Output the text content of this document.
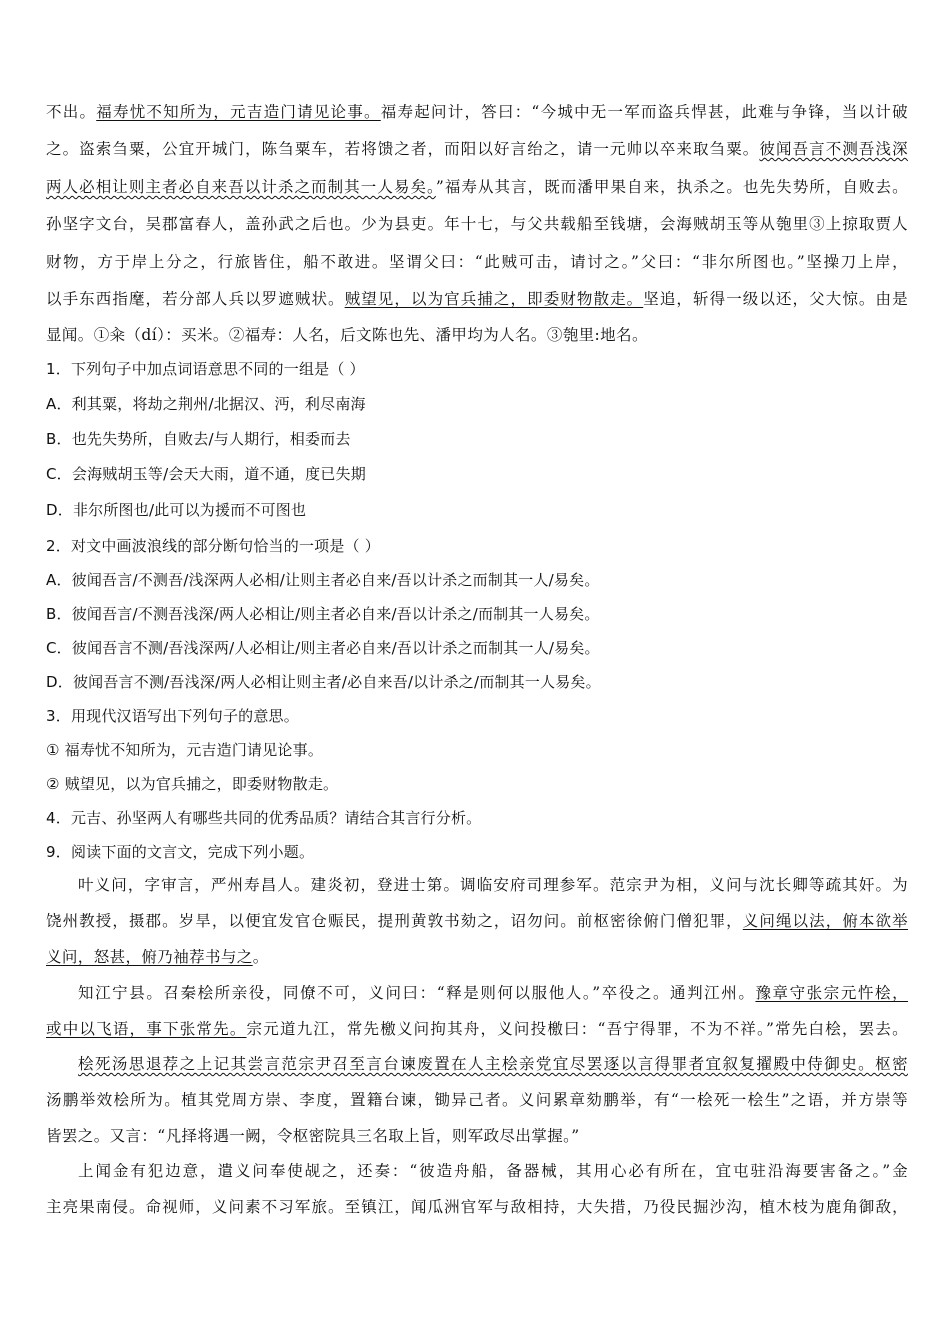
不出。福寿忧不知所为，元吉造门请见论事。福寿起问计，答曰：“今城中无一军而盗兵悍甚，此难与争锋，当以计破
之。盗索刍粟，公宜开城门，陈刍粟车，若将馈之者，而阳以好言绐之，请一元帅以卒来取刍粟。彼闻吾言不测吾浅深
两人必相让则主者必自来吾以计杀之而制其一人易矣。”福寿从其言，既而潘甲果自来，执杀之。也先失势所，自败去。
孙坚字文台，吴郡富春人，盖孙武之后也。少为县吏。年十七，与父共载船至钱塘，会海贼胡玉等从匏里③上掠取贾人
财物，方于岸上分之，行旅皆住，船不敢进。坚谓父曰：“此贼可击，请讨之。”父曰：“非尔所图也。”坚操刀上岸，
以手东西指麾，若分部人兵以罗遮贼状。贼望见，以为官兵捕之，即委财物散走。坚追，斩得一级以还，父大惊。由是
显闻。①籴（dí）：买米。②福寿：人名，后文陈也先、潘甲均为人名。③匏里:地名。
1．下列句子中加点词语意思不同的一组是（ ）
A．利其粟，将劫之荆州/北据汉、沔，利尽南海
B．也先失势所，自败去/与人期行，相委而去
C．会海贼胡玉等/会天大雨，道不通，度已失期
D．非尔所图也/此可以为援而不可图也
2．对文中画波浪线的部分断句恰当的一项是（ ）
A．彼闻吾言/不测吾/浅深两人必相/让则主者必自来/吾以计杀之而制其一人/易矣。
B．彼闻吾言/不测吾浅深/两人必相让/则主者必自来/吾以计杀之/而制其一人易矣。
C．彼闻吾言不测/吾浅深两/人必相让/则主者必自来/吾以计杀之而制其一人/易矣。
D．彼闻吾言不测/吾浅深/两人必相让则主者/必自来吾/以计杀之/而制其一人易矣。
3．用现代汉语写出下列句子的意思。
① 福寿忧不知所为，元吉造门请见论事。
② 贼望见，以为官兵捕之，即委财物散走。
4．元吉、孙坚两人有哪些共同的优秀品质？请结合其言行分析。
9．阅读下面的文言文，完成下列小题。
叶义问，字审言，严州寿昌人。建炎初，登进士第。调临安府司理参军。范宗尹为相，义问与沈长卿等疏其奸。为
饶州教授，摄郡。岁旱，以便宜发官仓赈民，提刑黄敦书劾之，诏勿问。前枢密徐俯门僧犯罪，义问绳以法，俯本欲举
义问，怒甚，俯乃袖荐书与之。
知江宁县。召秦桧所亲役，同僚不可，义问曰：“释是则何以服他人。”卒役之。通判江州。豫章守张宗元忤桧，
或中以飞语，事下张常先。宗元道九江，常先檄义问拘其舟，义问投檄曰：“吾宁得罪，不为不祥。”常先白桧，罢去。
桧死汤思退荐之上记其尝言范宗尹召至言台谏废置在人主桧亲党宜尽罢逐以言得罪者宜叙复擢殿中侍御史。枢密
汤鹏举效桧所为。植其党周方崇、李度，置籍台谏，锄异己者。义问累章劾鹏举，有“一桧死一桧生”之语，并方崇等
皆罢之。又言：“凡择将遇一阙，令枢密院具三名取上旨，则军政尽出掌握。”
上闻金有犯边意，遣义问奉使觇之，还奏：“彼造舟船，备器械，其用心必有所在，宜屯驻沿海要害备之。”金
主亮果南侵。命视师，义问素不习军旅。至镇江，闻瓜洲官军与敌相持，大失措，乃役民掘沙沟，植木枝为鹿角御敌，
